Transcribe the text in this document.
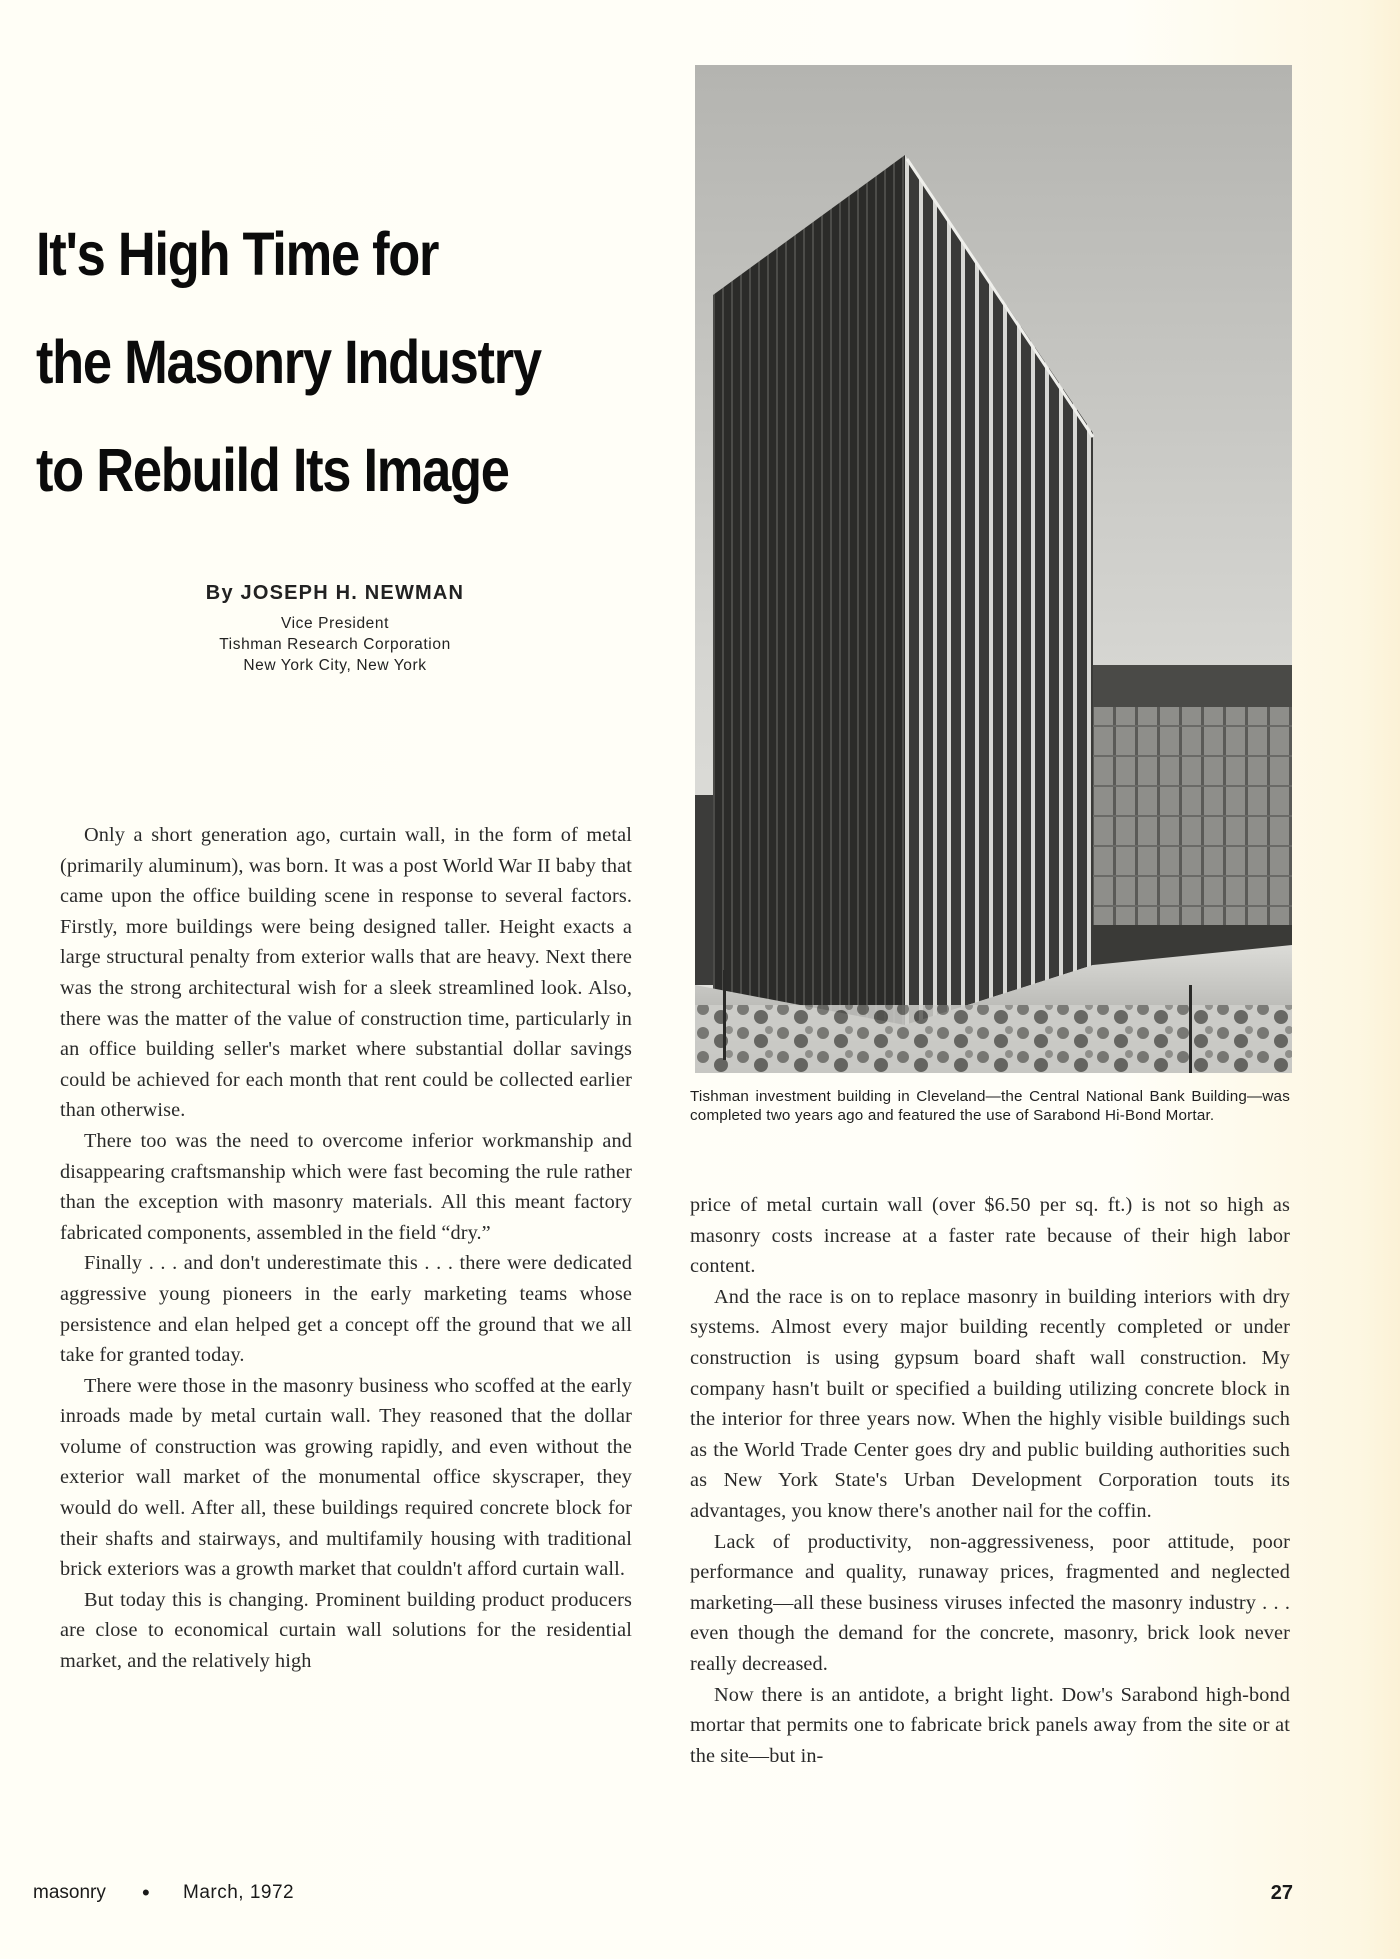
It's High Time for
the Masonry Industry
to Rebuild Its Image
By JOSEPH H. NEWMAN
Vice President
Tishman Research Corporation
New York City, New York

Only a short generation ago, curtain wall, in the form of metal (primarily aluminum), was born. It was a post World War II baby that came upon the office building scene in response to several factors. Firstly, more buildings were being designed taller. Height exacts a large structural penalty from exterior walls that are heavy. Next there was the strong architectural wish for a sleek streamlined look. Also, there was the matter of the value of construction time, particularly in an office building seller's market where substantial dollar savings could be achieved for each month that rent could be collected earlier than otherwise.

There too was the need to overcome inferior workmanship and disappearing craftsmanship which were fast becoming the rule rather than the exception with masonry materials. All this meant factory fabricated components, assembled in the field “dry.”

Finally . . . and don't underestimate this . . . there were dedicated aggressive young pioneers in the early marketing teams whose persistence and elan helped get a concept off the ground that we all take for granted today.

There were those in the masonry business who scoffed at the early inroads made by metal curtain wall. They reasoned that the dollar volume of construction was growing rapidly, and even without the exterior wall market of the monumental office skyscraper, they would do well. After all, these buildings required concrete block for their shafts and stairways, and multifamily housing with traditional brick exteriors was a growth market that couldn't afford curtain wall.

But today this is changing. Prominent building product producers are close to economical curtain wall solutions for the residential market, and the relatively high

Tishman investment building in Cleveland—the Central National Bank Building—was completed two years ago and featured the use of Sarabond Hi-Bond Mortar.

price of metal curtain wall (over $6.50 per sq. ft.) is not so high as masonry costs increase at a faster rate because of their high labor content.

And the race is on to replace masonry in building interiors with dry systems. Almost every major building recently completed or under construction is using gypsum board shaft wall construction. My company hasn't built or specified a building utilizing concrete block in the interior for three years now. When the highly visible buildings such as the World Trade Center goes dry and public building authorities such as New York State's Urban Development Corporation touts its advantages, you know there's another nail for the coffin.

Lack of productivity, non-aggressiveness, poor attitude, poor performance and quality, runaway prices, fragmented and neglected marketing—all these business viruses infected the masonry industry . . . even though the demand for the concrete, masonry, brick look never really decreased.

Now there is an antidote, a bright light. Dow's Sarabond high-bond mortar that permits one to fabricate brick panels away from the site or at the site—but in-

masonry • March, 1972	27
